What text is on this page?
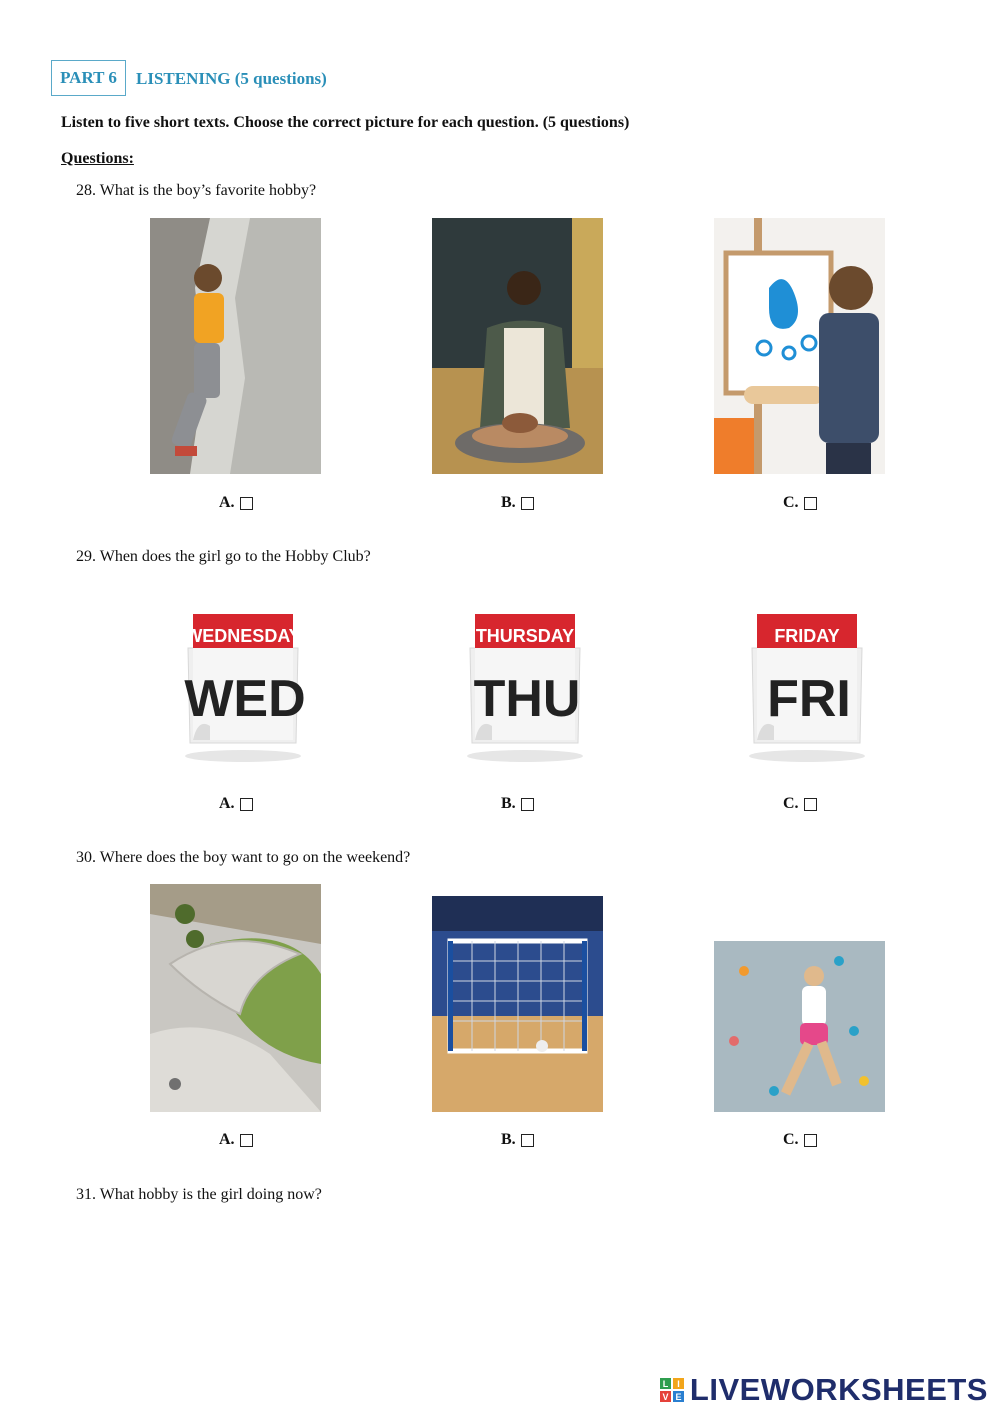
PART 6	LISTENING (5 questions)
Listen to five short texts. Choose the correct picture for each question. (5 questions)
Questions:
28. What is the boy’s favorite hobby?
A.	B.	C.
29. When does the girl go to the Hobby Club?
WEDNESDAY
WED
THURSDAY
THU
FRIDAY
FRI
A.	B.	C.
30. Where does the boy want to go on the weekend?
A.	B.	C.
31. What hobby is the girl doing now?
L I
V E LIVEWORKSHEETS
